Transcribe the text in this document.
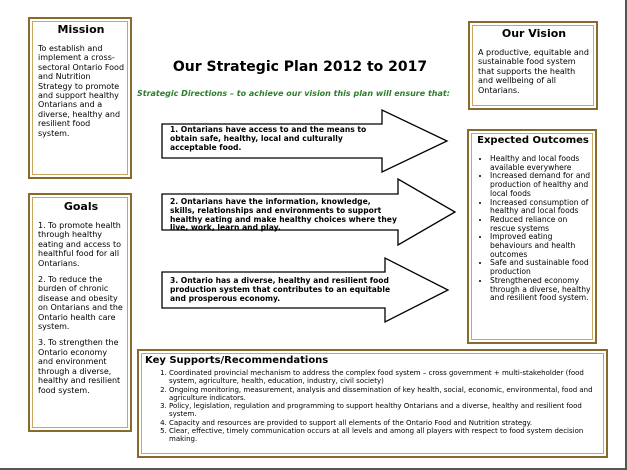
Our Strategic Plan 2012 to 2017
Strategic Directions – to achieve our vision this plan will ensure that:
Mission

To establish and implement a cross-sectoral Ontario Food and Nutrition Strategy to promote and support healthy Ontarians and a diverse, healthy and resilient food system.

Our Vision

A productive, equitable and sustainable food system that supports the health and wellbeing of all Ontarians.

Goals

1. To promote health through healthy eating and access to healthful food for all Ontarians.

2. To reduce the burden of chronic disease and obesity on Ontarians and the Ontario health care system.

3. To strengthen the Ontario economy and environment through a diverse, healthy and resilient food system.

1. Ontarians have access to and the means to obtain safe, healthy, local and culturally acceptable food.
2. Ontarians have the information, knowledge, skills, relationships and environments to support healthy eating and make healthy choices where they live, work, learn and play.
3. Ontario has a diverse, healthy and resilient food production system that contributes to an equitable and prosperous economy.
Expected Outcomes
• Healthy and local foods available everywhere
• Increased demand for and production of healthy and local foods
• Increased consumption of healthy and local foods
• Reduced reliance on rescue systems
• Improved eating behaviours and health outcomes
• Safe and sustainable food production
• Strengthened economy through a diverse, healthy and resilient food system.
Key Supports/Recommendations
1. Coordinated provincial mechanism to address the complex food system – cross government + multi-stakeholder (food system, agriculture, health, education, industry, civil society)
2. Ongoing monitoring, measurement, analysis and dissemination of key health, social, economic, environmental, food and agriculture indicators.
3. Policy, legislation, regulation and programming to support healthy Ontarians and a diverse, healthy and resilient food system.
4. Capacity and resources are provided to support all elements of the Ontario Food and Nutrition strategy.
5. Clear, effective, timely communication occurs at all levels and among all players with respect to food system decision making.
